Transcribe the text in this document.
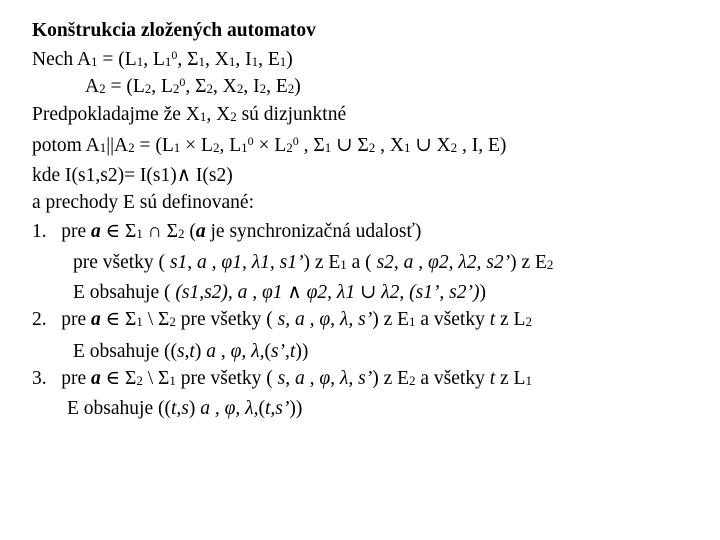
Konštrukcia zložených automatov
Nech $A_1 = (L_1$, $L_1^0$, $\Sigma_1$, $X_1$, $I_1$, $E_1$)
$A_2 = (L_2$, $L_2^0$, $\Sigma_2$, $X_2$, $I_2$, $E_2$)
Predpokladajme že $X_1$, $X_2$ sú dizjunktné
potom $A_1||A_2 = (L_1 \times L_2$, $L_1^0 \times L_2^0$ , $\Sigma_1$ ∪ $\Sigma_2$ , $X_1$ ∪ $X_2$ , I, E)
kde I(s1,s2)= I(s1)∧ I(s2)
a prechody E sú definované:
1.   pre a ∈ $\Sigma_1$ ∩ $\Sigma_2$ (a je synchronizačná udalosť)
pre všetky ( s1, a , φ1, λ1, s1’) z $E_1$ a ( s2, a , φ2, λ2, s2’) z $E_2$
E obsahuje ( (s1,s2), a , φ1 ∧ φ2, λ1 ∪ λ2, (s1’, s2’))
2.   pre a ∈ $\Sigma_1$ \ $\Sigma_2$ pre všetky ( s, a , φ, λ, s’) z $E_1$ a všetky t z $L_2$
E obsahuje ((s,t) a , φ, λ,(s’,t))
3.   pre a ∈ $\Sigma_2$ \ $\Sigma_1$ pre všetky ( s, a , φ, λ, s’) z $E_2$ a všetky t z $L_1$
E obsahuje ((t,s) a , φ, λ,(t,s’))
